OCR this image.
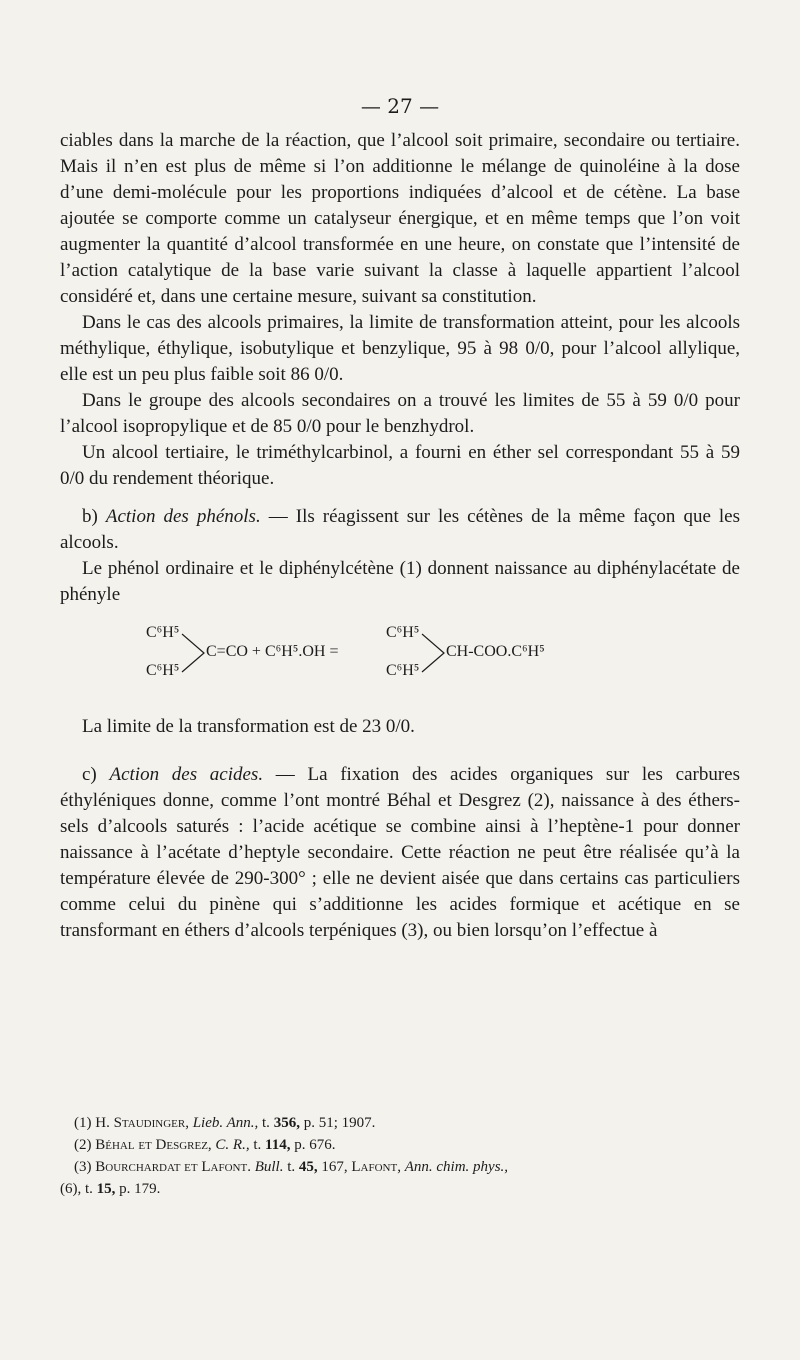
— 27 —

ciables dans la marche de la réaction, que l’alcool soit primaire, secondaire ou tertiaire. Mais il n’en est plus de même si l’on additionne le mélange de quinoléine à la dose d’une demi-molécule pour les proportions indiquées d’alcool et de cétène. La base ajoutée se comporte comme un catalyseur énergique, et en même temps que l’on voit augmenter la quantité d’alcool transformée en une heure, on constate que l’intensité de l’action catalytique de la base varie suivant la classe à laquelle appartient l’alcool considéré et, dans une certaine mesure, suivant sa constitution.

Dans le cas des alcools primaires, la limite de transformation atteint, pour les alcools méthylique, éthylique, isobutylique et benzylique, 95 à 98 0/0, pour l’alcool allylique, elle est un peu plus faible soit 86 0/0.

Dans le groupe des alcools secondaires on a trouvé les limites de 55 à 59 0/0 pour l’alcool isopropylique et de 85 0/0 pour le benzhydrol.

Un alcool tertiaire, le triméthylcarbinol, a fourni en éther sel correspondant 55 à 59 0/0 du rendement théorique.

b) Action des phénols. — Ils réagissent sur les cétènes de la même façon que les alcools.

Le phénol ordinaire et le diphénylcétène (1) donnent naissance au diphénylacétate de phényle

C⁶H⁵
C⁶H⁵
C=CO + C⁶H⁵.OH =
C⁶H⁵
C⁶H⁵
CH-COO.C⁶H⁵

La limite de la transformation est de 23 0/0.

c) Action des acides. — La fixation des acides organiques sur les carbures éthyléniques donne, comme l’ont montré Béhal et Desgrez (2), naissance à des éthers-sels d’alcools saturés : l’acide acétique se combine ainsi à l’heptène-1 pour donner naissance à l’acétate d’heptyle secondaire. Cette réaction ne peut être réalisée qu’à la température élevée de 290-300° ; elle ne devient aisée que dans certains cas particuliers comme celui du pinène qui s’additionne les acides formique et acétique en se transformant en éthers d’alcools terpéniques (3), ou bien lorsqu’on l’effectue à

(1) H. Staudinger, Lieb. Ann., t. 356, p. 51; 1907.

(2) Béhal et Desgrez, C. R., t. 114, p. 676.

(3) Bourchardat et Lafont. Bull. t. 45, 167, Lafont, Ann. chim. phys.,

(6), t. 15, p. 179.
